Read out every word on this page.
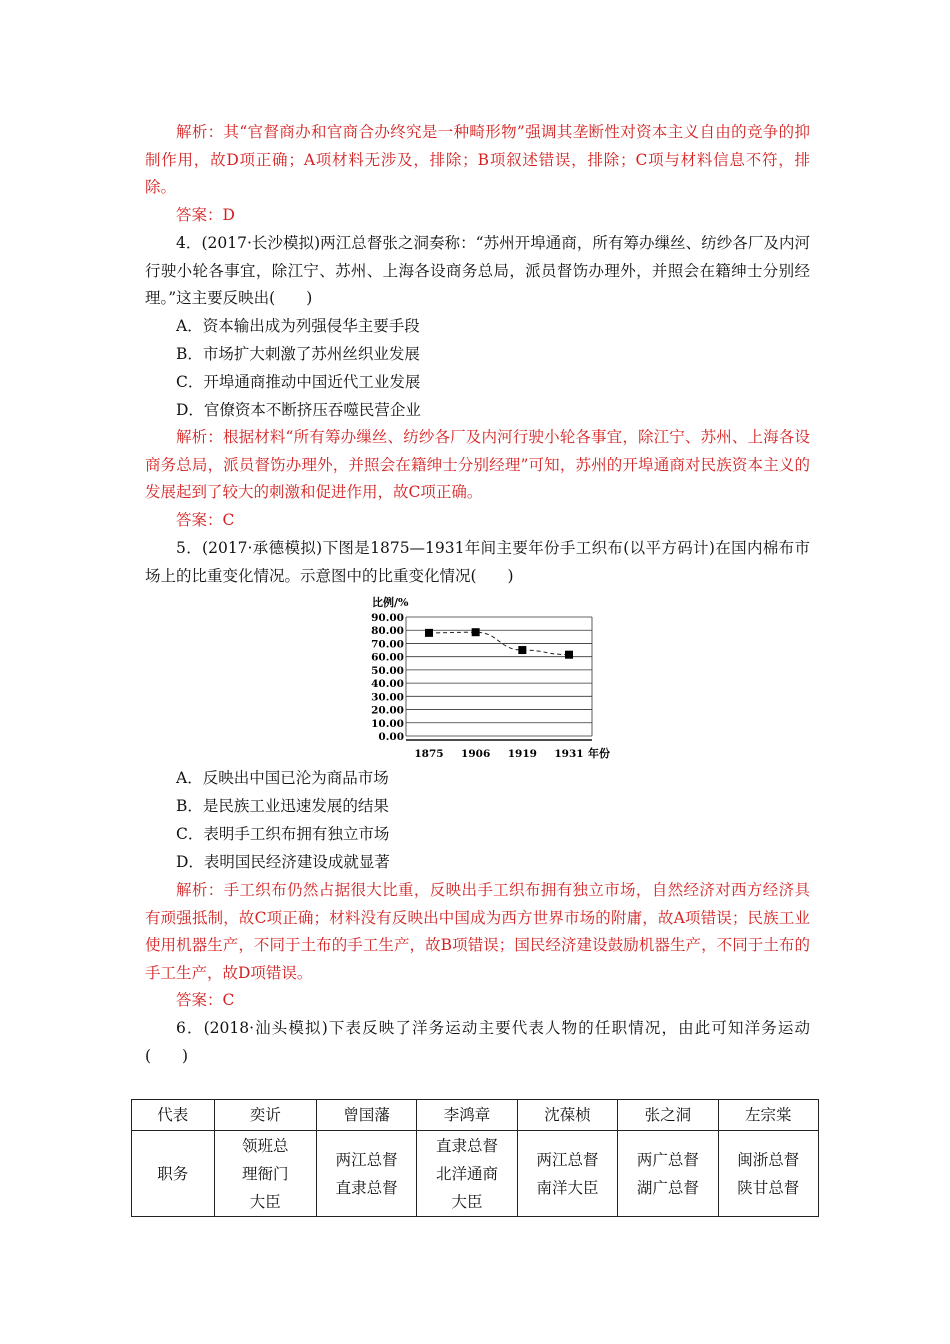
解析：其“官督商办和官商合办终究是一种畸形物”强调其垄断性对资本主义自由的竞争的抑制作用，故D项正确；A项材料无涉及，排除；B项叙述错误，排除；C项与材料信息不符，排除。

答案：D

4．(2017·长沙模拟)两江总督张之洞奏称：“苏州开埠通商，所有筹办缫丝、纺纱各厂及内河行驶小轮各事宜，除江宁、苏州、上海各设商务总局，派员督饬办理外，并照会在籍绅士分别经理。”这主要反映出(　　)

A．资本输出成为列强侵华主要手段

B．市场扩大刺激了苏州丝织业发展

C．开埠通商推动中国近代工业发展

D．官僚资本不断挤压吞噬民营企业

解析：根据材料“所有筹办缫丝、纺纱各厂及内河行驶小轮各事宜，除江宁、苏州、上海各设商务总局，派员督饬办理外，并照会在籍绅士分别经理”可知，苏州的开埠通商对民族资本主义的发展起到了较大的刺激和促进作用，故C项正确。

答案：C

5．(2017·承德模拟)下图是1875—1931年间主要年份手工织布(以平方码计)在国内棉布市场上的比重变化情况。示意图中的比重变化情况(　　)

0.00
10.00
20.00
30.00
40.00
50.00
60.00
70.00
80.00
90.00
1875 1906 1919 1931
比例/%
年份

A．反映出中国已沦为商品市场

B．是民族工业迅速发展的结果

C．表明手工织布拥有独立市场

D．表明国民经济建设成就显著

解析：手工织布仍然占据很大比重，反映出手工织布拥有独立市场，自然经济对西方经济具有顽强抵制，故C项正确；材料没有反映出中国成为西方世界市场的附庸，故A项错误；民族工业使用机器生产，不同于土布的手工生产，故B项错误；国民经济建设鼓励机器生产，不同于土布的手工生产，故D项错误。

答案：C

6．(2018·汕头模拟)下表反映了洋务运动主要代表人物的任职情况，由此可知洋务运动(　　)

代表	奕䜣	曾国藩	李鸿章	沈葆桢	张之洞	左宗棠
职务	领班总
理衙门
大臣	两江总督
直隶总督	直隶总督
北洋通商
大臣	两江总督
南洋大臣	两广总督
湖广总督	闽浙总督
陕甘总督
